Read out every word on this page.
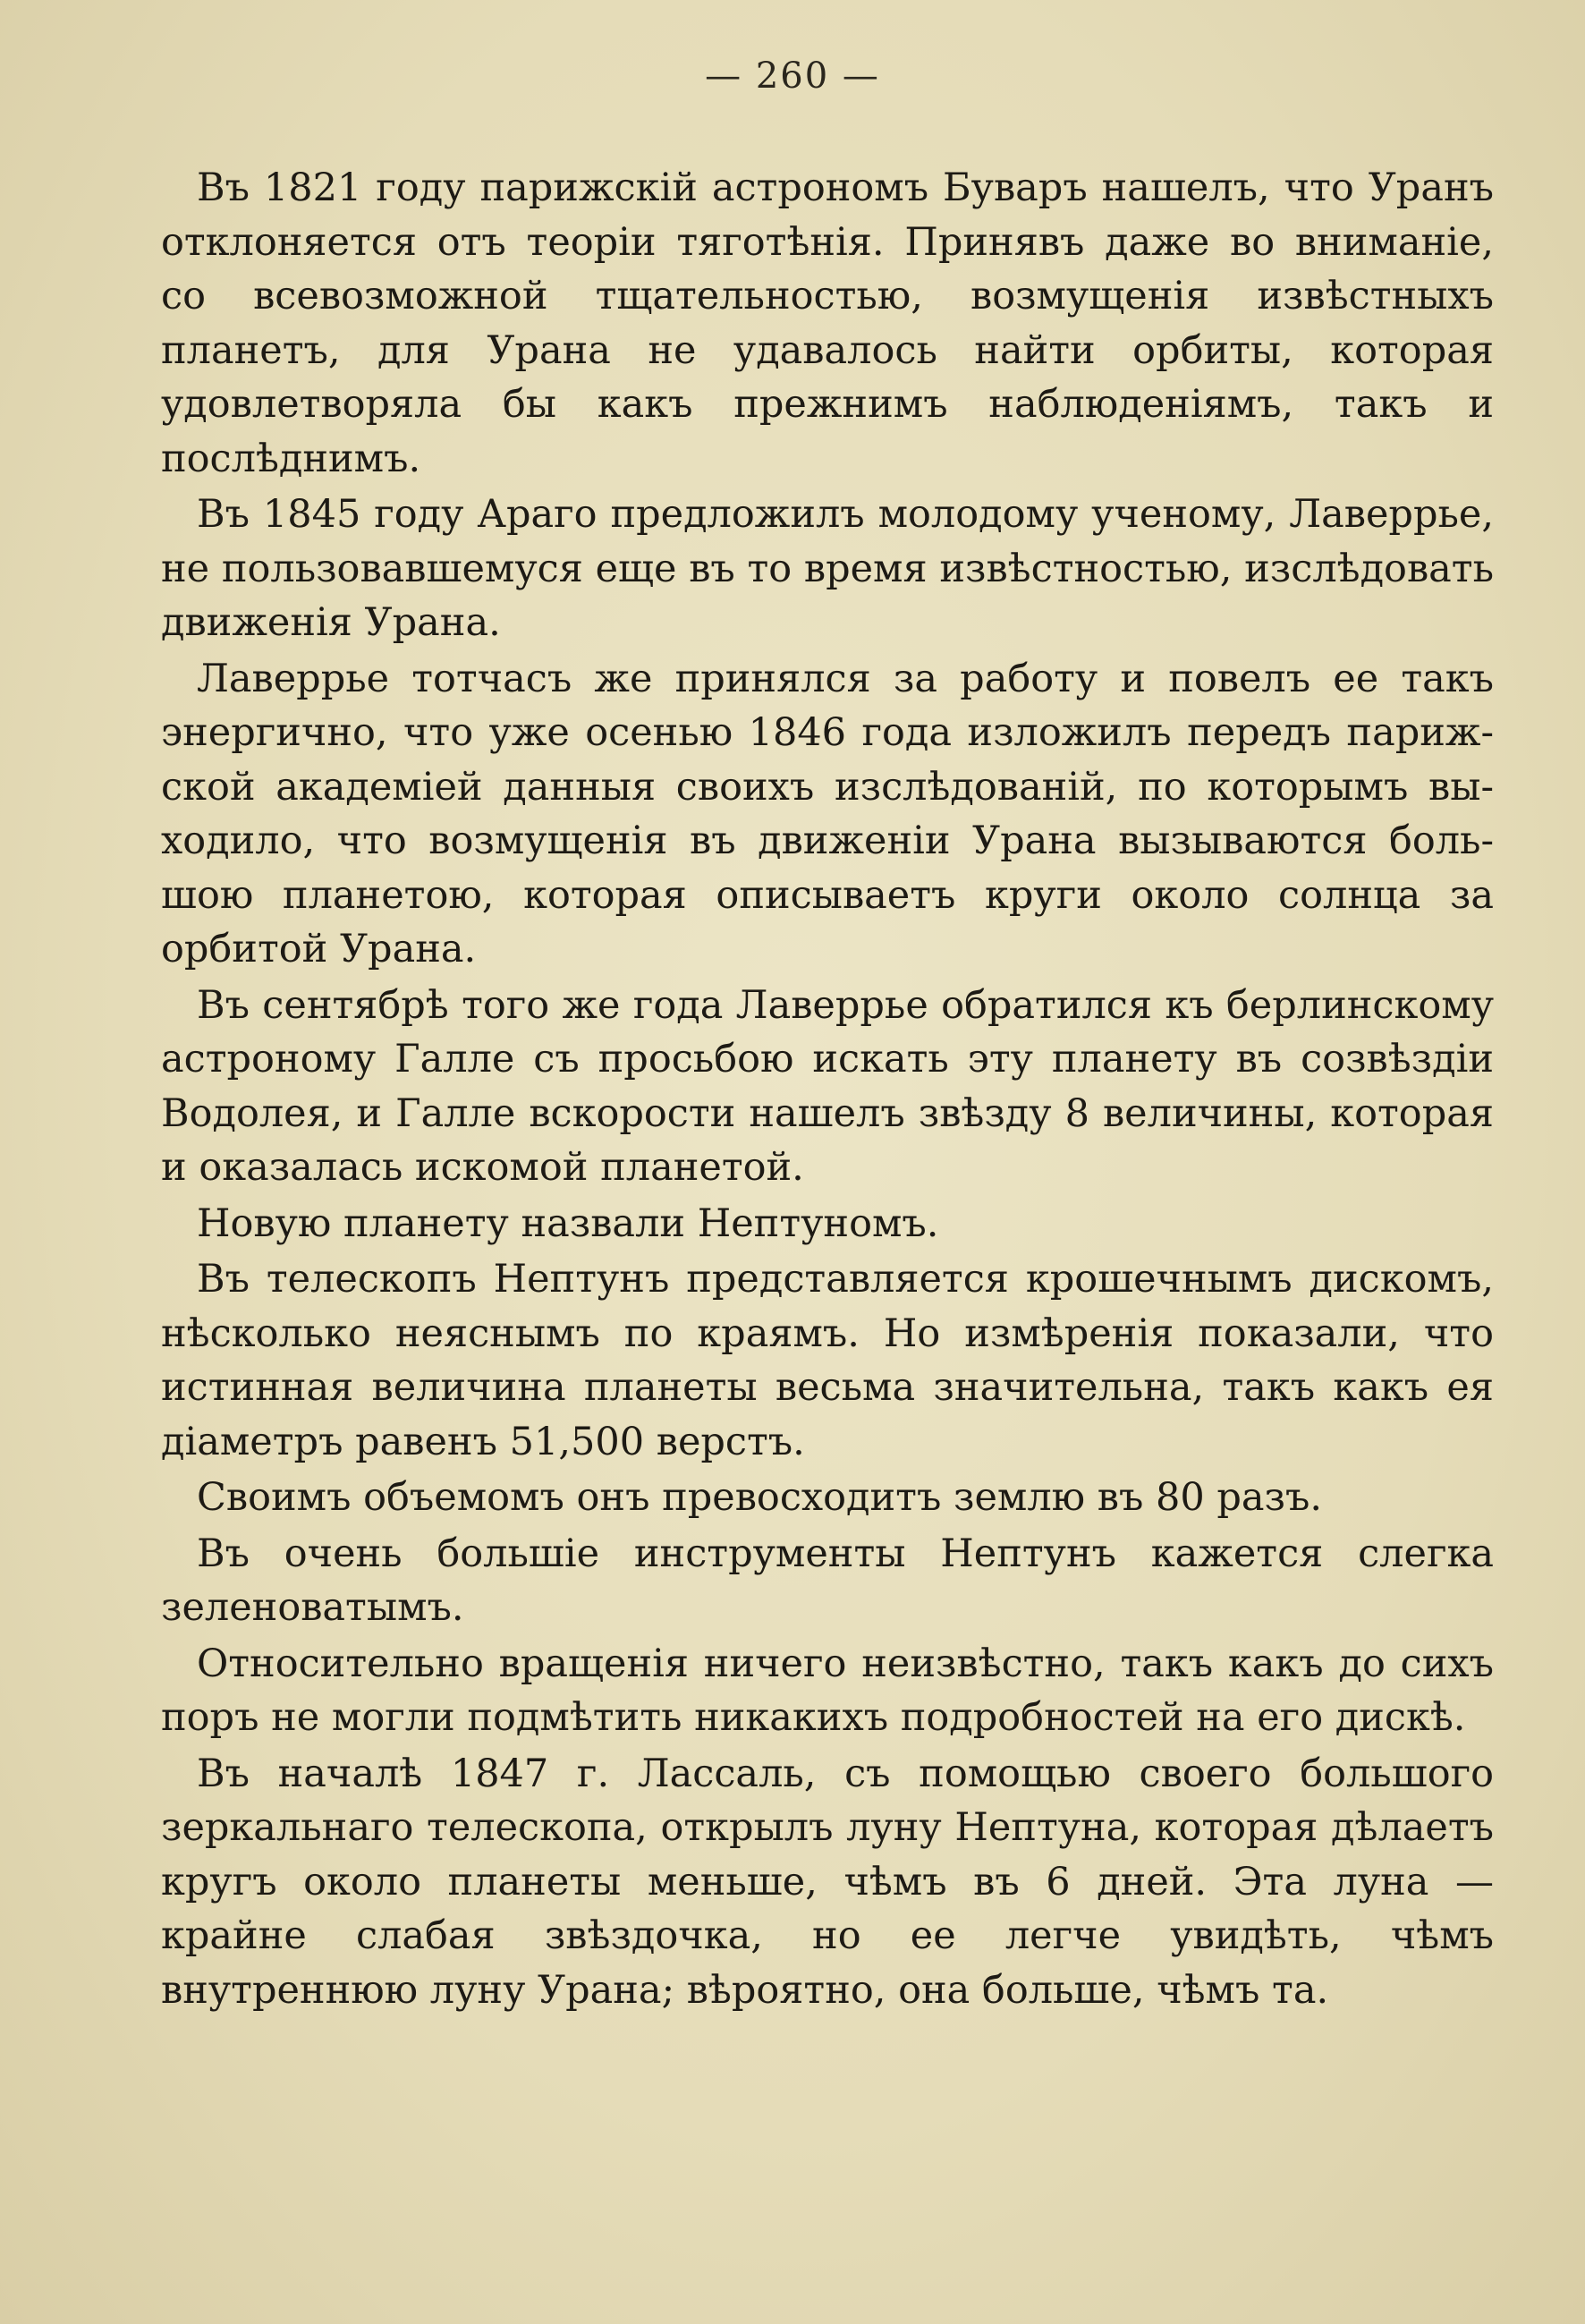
— 260 —

Въ 1821 году парижскій астрономъ Буваръ нашелъ, что Уранъ отклоняется отъ теоріи тяготѣнія. Принявъ даже во вниманіе, со всевозможной тщательностью, возмущенія извѣстныхъ планетъ, для Урана не удавалось найти орбиты, которая удовлетворяла бы какъ прежнимъ наблюденіямъ, такъ и послѣднимъ.

Въ 1845 году Араго предложилъ молодому ученому, Лаверрье, не пользовавшемуся еще въ то время извѣстностью, изслѣдовать движенія Урана.

Лаверрье тотчасъ же принялся за работу и повелъ ее такъ энергично, что уже осенью 1846 года изложилъ передъ парижской академіей данныя своихъ изслѣдованій, по которымъ выходило, что возмущенія въ движеніи Урана вызываются большою планетою, которая описываетъ круги около солнца за орбитой Урана.

Въ сентябрѣ того же года Лаверрье обратился къ берлинскому астроному Галле съ просьбою искать эту планету въ созвѣздіи Водолея, и Галле вскорости нашелъ звѣзду 8 величины, которая и оказалась искомой планетой.

Новую планету назвали Нептуномъ.

Въ телескопъ Нептунъ представляется крошечнымъ дискомъ, нѣсколько неяснымъ по краямъ. Но измѣренія показали, что истинная величина планеты весьма значительна, такъ какъ ея діаметръ равенъ 51,500 верстъ.

Своимъ объемомъ онъ превосходитъ землю въ 80 разъ.

Въ очень большіе инструменты Нептунъ кажется слегка зеленоватымъ.

Относительно вращенія ничего неизвѣстно, такъ какъ до сихъ поръ не могли подмѣтить никакихъ подробностей на его дискѣ.

Въ началѣ 1847 г. Лассаль, съ помощью своего большого зеркальнаго телескопа, открылъ луну Нептуна, которая дѣлаетъ кругъ около планеты меньше, чѣмъ въ 6 дней. Эта луна — крайне слабая звѣздочка, но ее легче увидѣть, чѣмъ внутреннюю луну Урана; вѣроятно, она больше, чѣмъ та.
